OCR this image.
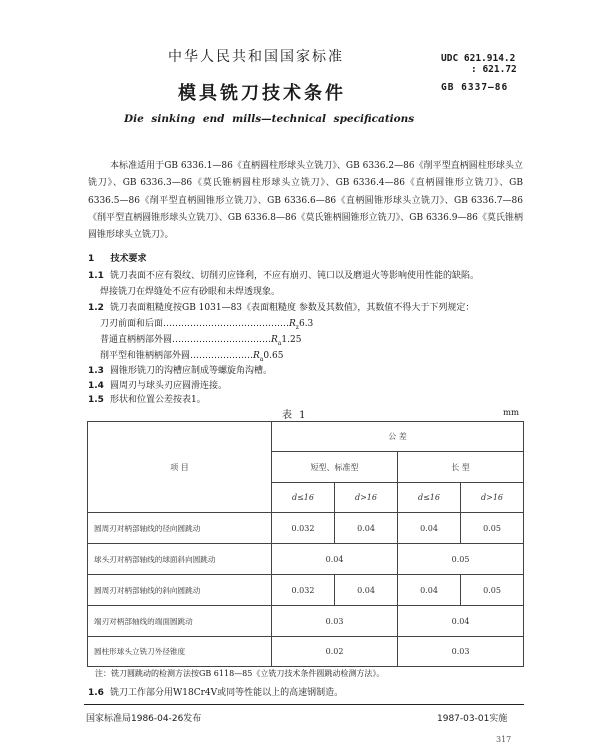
中华人民共和国国家标准	UDC 621.914.2
: 621.72
模具铣刀技术条件	GB 6337—86
Die sinking end mills—technical specifications
本标准适用于GB 6336.1—86《直柄圆柱形球头立铣刀》、GB 6336.2—86《削平型直柄圆柱形球头立铣刀》、GB 6336.3—86《莫氏锥柄圆柱形球头立铣刀》、GB 6336.4—86《直柄圆锥形立铣刀》、GB 6336.5—86《削平型直柄圆锥形立铣刀》、GB 6336.6—86《直柄圆锥形球头立铣刀》、GB 6336.7—86《削平型直柄圆锥形球头立铣刀》、GB 6336.8—86《莫氏锥柄圆锥形立铣刀》、GB 6336.9—86《莫氏锥柄圆锥形球头立铣刀》。
1 技术要求
1.1 铣刀表面不应有裂纹、切削刃应锋利，不应有崩刃、钝口以及磨退火等影响使用性能的缺陷。
焊接铣刀在焊缝处不应有砂眼和未焊透现象。
1.2 铣刀表面粗糙度按GB 1031—83《表面粗糙度 参数及其数值》，其数值不得大于下列规定：
刀刃前面和后面$\dots\dots\dots\dots\dots\dots\dots\dots\dots\dots\dots\dots\dots\dots R_z6.3$
普通直柄柄部外圆$\dots\dots\dots\dots\dots\dots\dots\dots\dots\dots\dots R_a1.25$
削平型和锥柄柄部外圆$\dots\dots\dots\dots\dots\dots\dots R_a0.65$
1.3 圆锥形铣刀的沟槽应制成等螺旋角沟槽。
1.4 圆周刃与球头刃应圆滑连接。
1.5 形状和位置公差按表1。
表 1	mm
项 目	公 差			
	短型、标准型		长 型	
	d≤16	d>16	d≤16	d>16
圆周刃对柄部轴线的径向圆跳动	0.032	0.04	0.04	0.05
球头刃对柄部轴线的球面斜向圆跳动	0.04		0.05	
圆周刃对柄部轴线的斜向圆跳动	0.032	0.04	0.04	0.05
端刃对柄部轴线的端面圆跳动	0.03		0.04	
圆柱形球头立铣刀外径锥度	0.02		0.03	
注：铣刀圆跳动的检测方法按GB 6118—85《立铣刀技术条件圆跳动检测方法》。
1.6 铣刀工作部分用W18Cr4V或同等性能以上的高速钢制造。
国家标准局1986-04-26发布	1987-03-01实施
317
